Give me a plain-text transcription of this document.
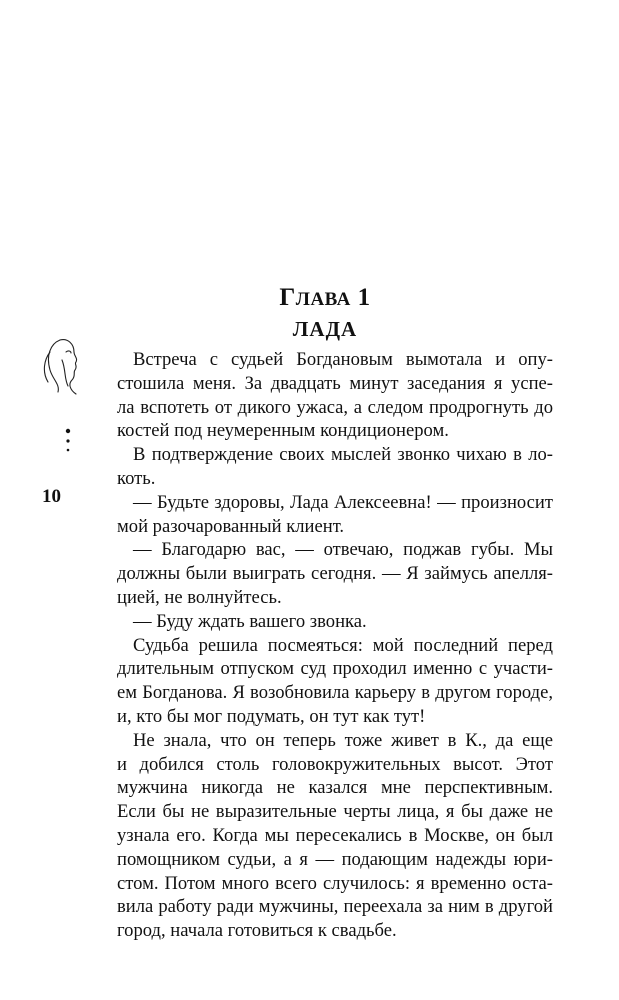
ГЛАВА 1
ЛАДА
10

Встреча с судьей Богдановым вымотала и опу-
стошила меня. За двадцать минут заседания я успе-
ла вспотеть от дикого ужаса, а следом продрогнуть до
костей под неумеренным кондиционером.

В подтверждение своих мыслей звонко чихаю в ло-
коть.

— Будьте здоровы, Лада Алексеевна! — произносит
мой разочарованный клиент.

— Благодарю вас, — отвечаю, поджав губы. Мы
должны были выиграть сегодня. — Я займусь апелля-
цией, не волнуйтесь.

— Буду ждать вашего звонка.

Судьба решила посмеяться: мой последний перед
длительным отпуском суд проходил именно с участи-
ем Богданова. Я возобновила карьеру в другом городе,
и, кто бы мог подумать, он тут как тут!

Не знала, что он теперь тоже живет в К., да еще
и добился столь головокружительных высот. Этот
мужчина никогда не казался мне перспективным.
Если бы не выразительные черты лица, я бы даже не
узнала его. Когда мы пересекались в Москве, он был
помощником судьи, а я — подающим надежды юри-
стом. Потом много всего случилось: я временно оста-
вила работу ради мужчины, переехала за ним в другой
город, начала готовиться к свадьбе.
